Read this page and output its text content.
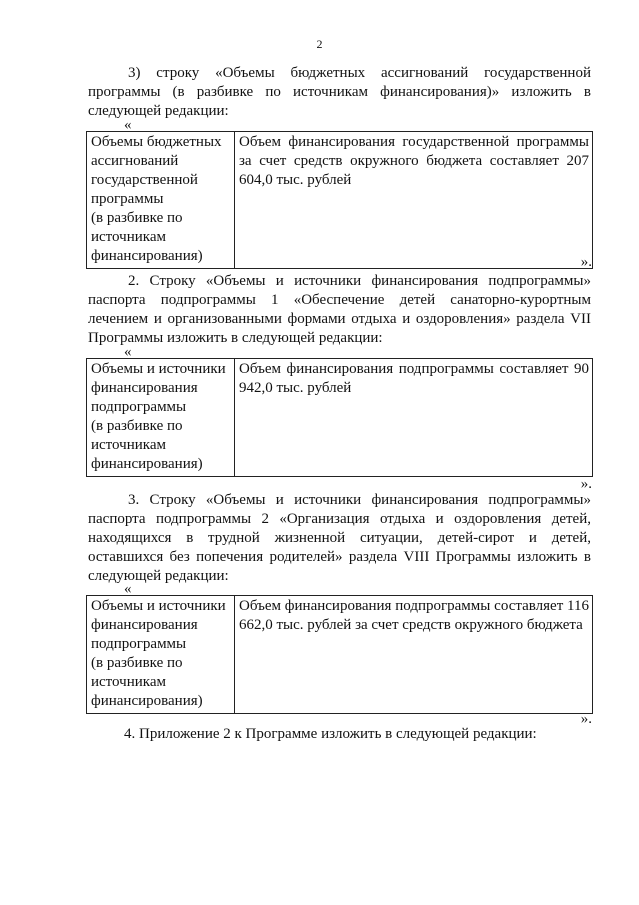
2
3) строку «Объемы бюджетных ассигнований государственной программы (в разбивке по источникам финансирования)» изложить в следующей редакции:
«
Объемы бюджетных
ассигнований
государственной
программы
(в разбивке по
источникам
финансирования)	Объем финансирования государственной программы за счет средств окружного бюджета составляет 207 604,0 тыс. рублей
».
2. Строку «Объемы и источники финансирования подпрограммы» паспорта подпрограммы 1 «Обеспечение детей санаторно-курортным лечением и организованными формами отдыха и оздоровления» раздела VII Программы изложить в следующей редакции:
«
Объемы и источники
финансирования
подпрограммы
(в разбивке по
источникам
финансирования)	Объем финансирования подпрограммы составляет 90 942,0 тыс. рублей
».
3. Строку «Объемы и источники финансирования подпрограммы» паспорта подпрограммы 2 «Организация отдыха и оздоровления детей, находящихся в трудной жизненной ситуации, детей-сирот и детей, оставшихся без попечения родителей» раздела VIII Программы изложить в следующей редакции:
«
Объемы и источники
финансирования
подпрограммы
(в разбивке по
источникам
финансирования)	Объем финансирования подпрограммы составляет 116 662,0 тыс. рублей за счет средств окружного бюджета
».
4. Приложение 2 к Программе изложить в следующей редакции:
